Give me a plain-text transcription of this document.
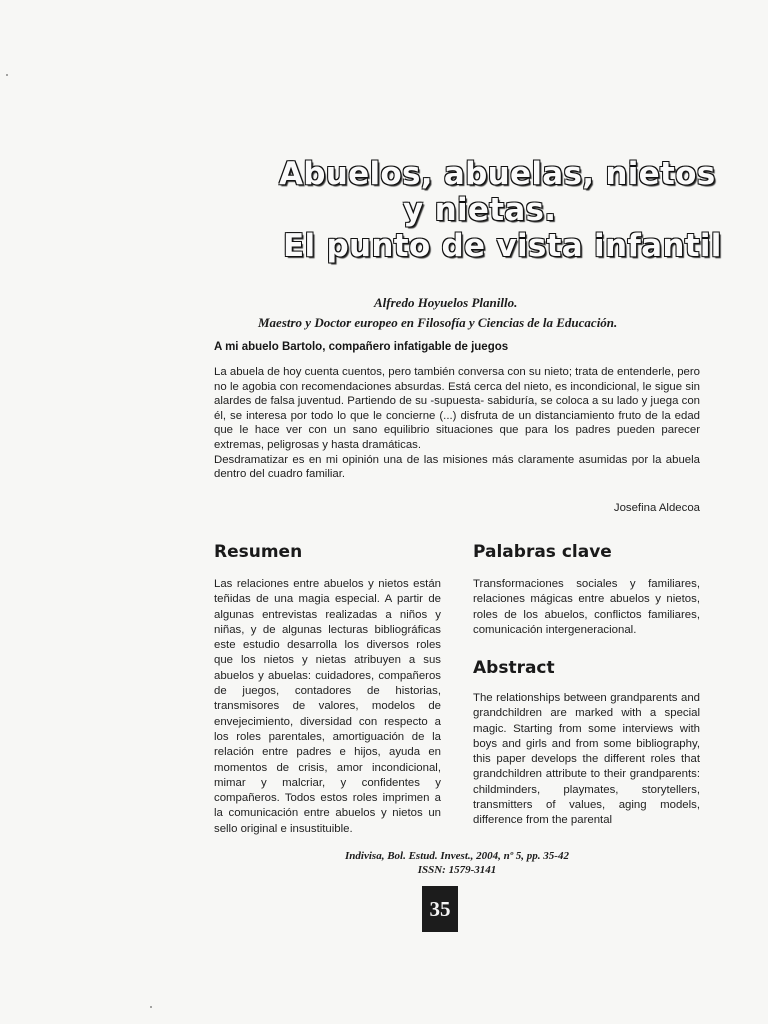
Abuelos, abuelas, nietos
y nietas.
El punto de vista infantil
Alfredo Hoyuelos Planillo.
Maestro y Doctor europeo en Filosofía y Ciencias de la Educación.
A mi abuelo Bartolo, compañero infatigable de juegos

La abuela de hoy cuenta cuentos, pero también conversa con su nieto; trata de entenderle, pero no le agobia con recomendaciones absurdas. Está cerca del nieto, es incondicional, le sigue sin alardes de falsa juventud. Partiendo de su -supuesta- sabiduría, se coloca a su lado y juega con él, se interesa por todo lo que le concierne (...) disfruta de un distanciamiento fruto de la edad que le hace ver con un sano equilibrio situaciones que para los padres pueden parecer extremas, peligrosas y hasta dramáticas.

Desdramatizar es en mi opinión una de las misiones más claramente asumidas por la abuela dentro del cuadro familiar.

Josefina Aldecoa
Resumen

Las relaciones entre abuelos y nietos están teñidas de una magia especial. A partir de algunas entrevistas realizadas a niños y niñas, y de algunas lecturas bibliográficas este estudio desarrolla los diversos roles que los nietos y nietas atribuyen a sus abuelos y abuelas: cuidadores, compañeros de juegos, contadores de historias, transmisores de valores, modelos de envejecimiento, diversidad con respecto a los roles parentales, amortiguación de la relación entre padres e hijos, ayuda en momentos de crisis, amor incondicional, mimar y malcriar, y confidentes y compañeros. Todos estos roles imprimen a la comunicación entre abuelos y nietos un sello original e insustituible.

Palabras clave

Transformaciones sociales y familiares, relaciones mágicas entre abuelos y nietos, roles de los abuelos, conflictos familiares, comunicación intergeneracional.

Abstract

The relationships between grandparents and grandchildren are marked with a special magic. Starting from some interviews with boys and girls and from some bibliography, this paper develops the different roles that grandchildren attribute to their grandparents: childminders, playmates, storytellers, transmitters of values, aging models, difference from the parental

Indivisa, Bol. Estud. Invest., 2004, nº 5, pp. 35-42
ISSN: 1579-3141
35
